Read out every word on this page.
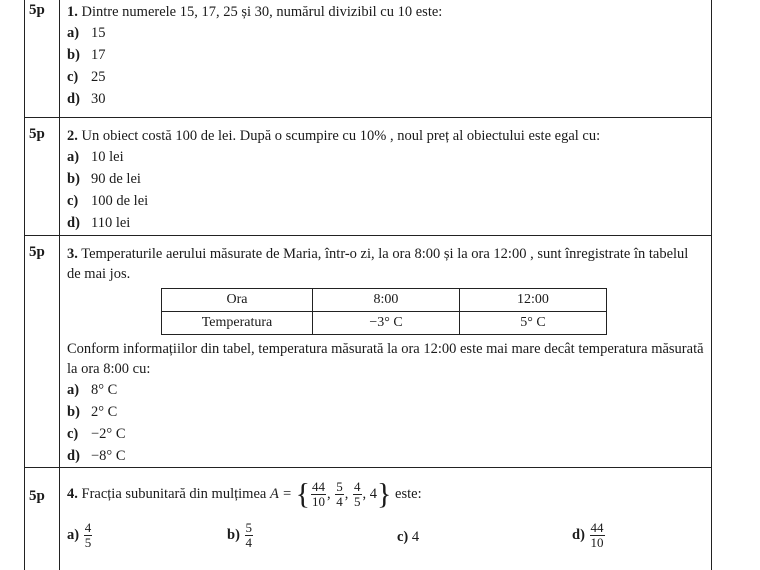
5p 1. Dintre numerele 15, 17, 25 și 30, numărul divizibil cu 10 este:

a) 15
b) 17
c) 25
d) 30
5p 2. Un obiect costă 100 de lei. După o scumpire cu 10% , noul preț al obiectului este egal cu:

a) 10 lei
b) 90 de lei
c) 100 de lei
d) 110 lei
5p 3. Temperaturile aerului măsurate de Maria, într-o zi, la ora 8:00 și la ora 12:00 , sunt înregistrate în tabelul de mai jos.

Ora	8:00	12:00
Temperatura	−3° C	5° C

Conform informațiilor din tabel, temperatura măsurată la ora 12:00 este mai mare decât temperatura măsurată la ora 8:00 cu:

a) 8° C
b) 2° C
c) −2° C
d) −8° C
5p 4. Fracția subunitară din mulțimea A = { $\frac{44}{10}$ , $\frac{5}{4}$ , $\frac{4}{5}$ , 4} este:

$a) \frac{4}{5}$	$b) \frac{5}{4}$	c) 4	$d) \frac{44}{10}$
